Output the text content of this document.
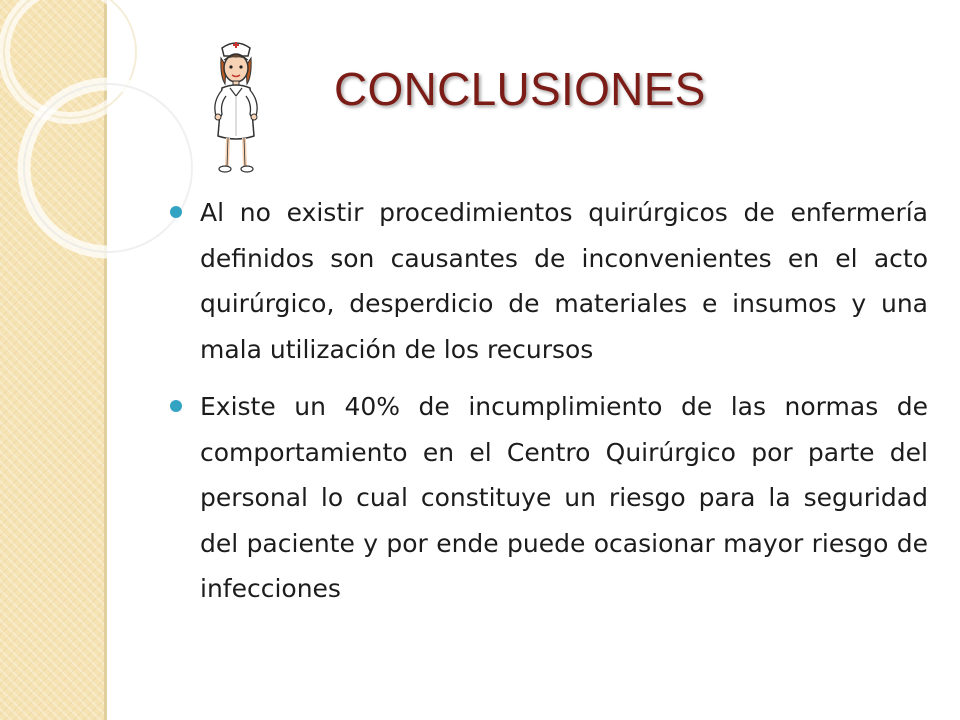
CONCLUSIONES
Al no existir procedimientos quirúrgicos de enfermería definidos son causantes de inconvenientes en el acto quirúrgico, desperdicio de materiales e insumos y una mala utilización de los recursos
Existe un 40% de incumplimiento de las normas de comportamiento en el Centro Quirúrgico por parte del personal lo cual constituye un riesgo para la seguridad del paciente y por ende puede ocasionar mayor riesgo de infecciones
